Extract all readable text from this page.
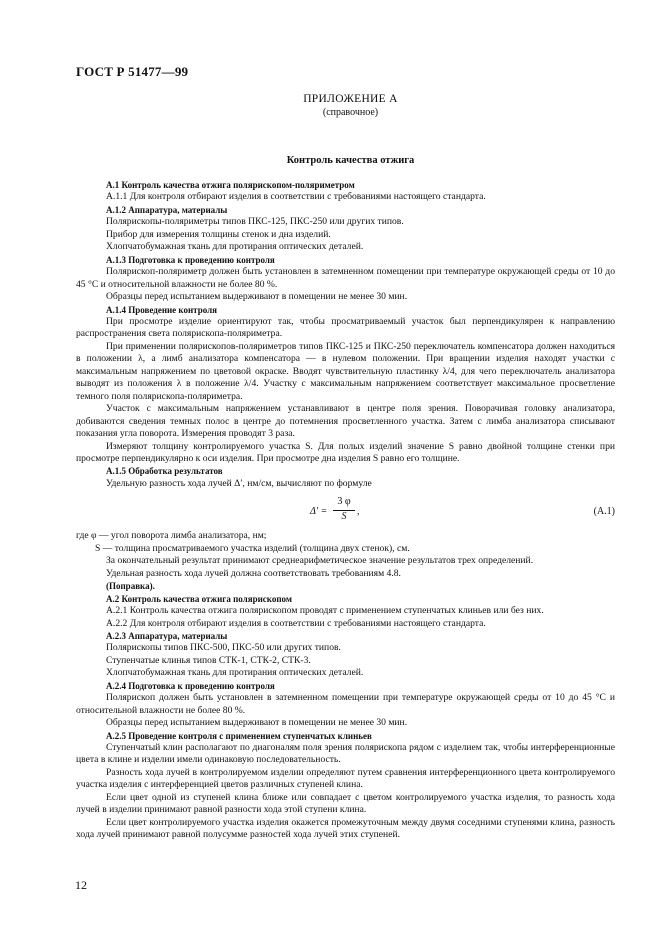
ГОСТ Р 51477—99
ПРИЛОЖЕНИЕ А
(справочное)
Контроль качества отжига

А.1 Контроль качества отжига полярископом-поляриметром

А.1.1 Для контроля отбирают изделия в соответствии с требованиями настоящего стандарта.

А.1.2 Аппаратура, материалы

Полярископы-поляриметры типов ПКС-125, ПКС-250 или других типов.

Прибор для измерения толщины стенок и дна изделий.

Хлопчатобумажная ткань для протирания оптических деталей.

А.1.3 Подготовка к проведению контроля

Полярископ-поляриметр должен быть установлен в затемненном помещении при температуре окружающей среды от 10 до 45 °С и относительной влажности не более 80 %.

Образцы перед испытанием выдерживают в помещении не менее 30 мин.

А.1.4 Проведение контроля

При просмотре изделие ориентируют так, чтобы просматриваемый участок был перпендикулярен к направлению распространения света полярископа-поляриметра.

При применении полярископов-поляриметров типов ПКС-125 и ПКС-250 переключатель компенсатора должен находиться в положении λ, а лимб анализатора компенсатора — в нулевом положении. При вращении изделия находят участки с максимальным напряжением по цветовой окраске. Вводят чувствительную пластинку λ/4, для чего переключатель анализатора выводят из положения λ в положение λ/4. Участку с максимальным напряжением соответствует максимальное просветление темного поля полярископа-поляриметра.

Участок с максимальным напряжением устанавливают в центре поля зрения. Поворачивая головку анализатора, добиваются сведения темных полос в центре до потемнения просветленного участка. Затем с лимба анализатора списывают показания угла поворота. Измерения проводят 3 раза.

Измеряют толщину контролируемого участка S. Для полых изделий значение S равно двойной толщине стенки при просмотре перпендикулярно к оси изделия. При просмотре дна изделия S равно его толщине.

А.1.5 Обработка результатов

Удельную разность хода лучей Δ′, нм/см, вычисляют по формуле

$\Delta' = \frac{3 \varphi}{S}$ ,	(А.1)

где φ — угол поворота лимба анализатора, нм;

S — толщина просматриваемого участка изделий (толщина двух стенок), см.

За окончательный результат принимают среднеарифметическое значение результатов трех определений.

Удельная разность хода лучей должна соответствовать требованиям 4.8.

(Поправка).

А.2 Контроль качества отжига полярископом

А.2.1 Контроль качества отжига полярископом проводят с применением ступенчатых клиньев или без них.

А.2.2 Для контроля отбирают изделия в соответствии с требованиями настоящего стандарта.

А.2.3 Аппаратура, материалы

Полярископы типов ПКС-500, ПКС-50 или других типов.

Ступенчатые клинья типов СТК-1, СТК-2, СТК-3.

Хлопчатобумажная ткань для протирания оптических деталей.

А.2.4 Подготовка к проведению контроля

Полярископ должен быть установлен в затемненном помещении при температуре окружающей среды от 10 до 45 °С и относительной влажности не более 80 %.

Образцы перед испытанием выдерживают в помещении не менее 30 мин.

А.2.5 Проведение контроля с применением ступенчатых клиньев

Ступенчатый клин располагают по диагоналям поля зрения полярископа рядом с изделием так, чтобы интерференционные цвета в клине и изделии имели одинаковую последовательность.

Разность хода лучей в контролируемом изделии определяют путем сравнения интерференционного цвета контролируемого участка изделия с интерференцией цветов различных ступеней клина.

Если цвет одной из ступеней клина ближе или совпадает с цветом контролируемого участка изделия, то разность хода лучей в изделии принимают равной разности хода этой ступени клина.

Если цвет контролируемого участка изделия окажется промежуточным между двумя соседними ступенями клина, разность хода лучей принимают равной полусумме разностей хода лучей этих ступеней.

12
